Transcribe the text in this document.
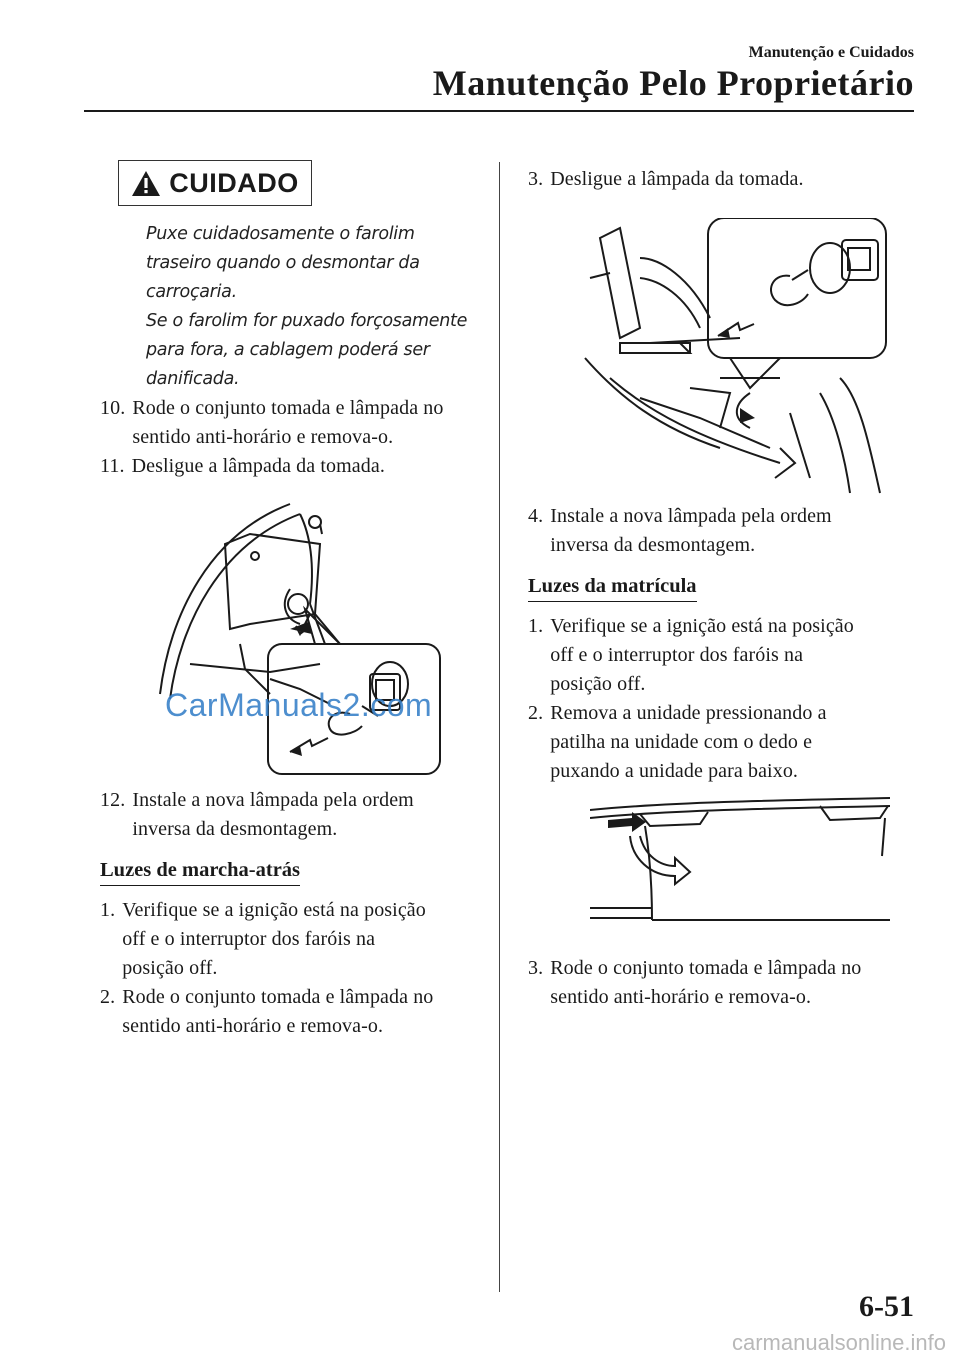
Manutenção e Cuidados
Manutenção Pelo Proprietário
CUIDADO
Puxe cuidadosamente o farolim
traseiro quando o desmontar da
carroçaria.
Se o farolim for puxado forçosamente
para fora, a cablagem poderá ser
danificada.
10. Rode o conjunto tomada e lâmpada no
sentido anti-horário e remova-o.
11. Desligue a lâmpada da tomada.
CarManuals2.com
12. Instale a nova lâmpada pela ordem
inversa da desmontagem.
Luzes de marcha-atrás
1. Verifique se a ignição está na posição
off e o interruptor dos faróis na
posição off.
2. Rode o conjunto tomada e lâmpada no
sentido anti-horário e remova-o.
3. Desligue a lâmpada da tomada.
4. Instale a nova lâmpada pela ordem
inversa da desmontagem.
Luzes da matrícula
1. Verifique se a ignição está na posição
off e o interruptor dos faróis na
posição off.
2. Remova a unidade pressionando a
patilha na unidade com o dedo e
puxando a unidade para baixo.
3. Rode o conjunto tomada e lâmpada no
sentido anti-horário e remova-o.
6-51
carmanualsonline.info
